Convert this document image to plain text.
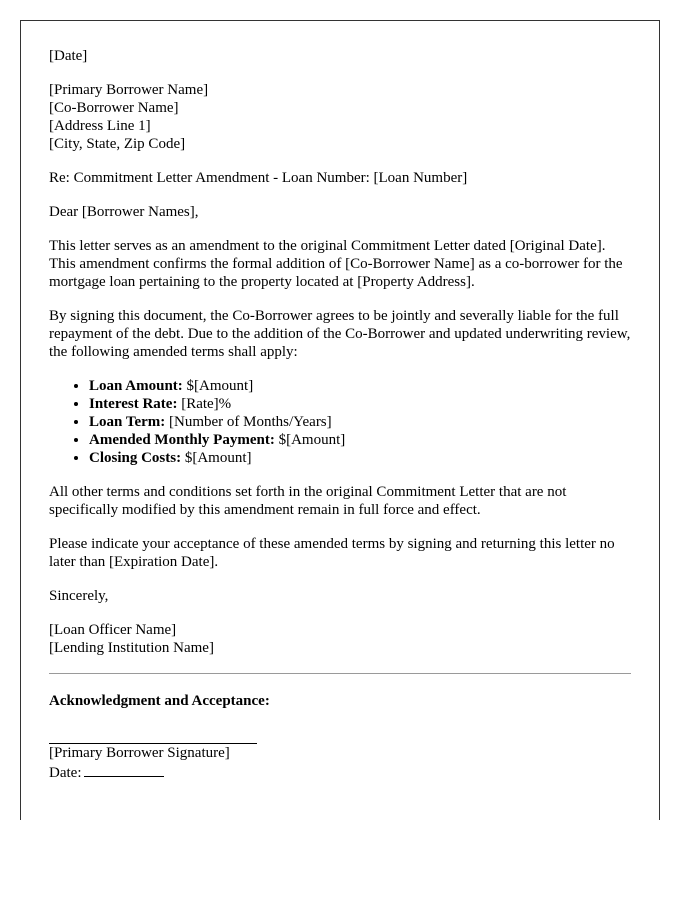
[Date]

[Primary Borrower Name]
[Co-Borrower Name]
[Address Line 1]
[City, State, Zip Code]

Re: Commitment Letter Amendment - Loan Number: [Loan Number]

Dear [Borrower Names],

This letter serves as an amendment to the original Commitment Letter dated [Original Date]. This amendment confirms the formal addition of [Co-Borrower Name] as a co-borrower for the mortgage loan pertaining to the property located at [Property Address].

By signing this document, the Co-Borrower agrees to be jointly and severally liable for the full repayment of the debt. Due to the addition of the Co-Borrower and updated underwriting review, the following amended terms shall apply:

• Loan Amount: $[Amount]
• Interest Rate: [Rate]%
• Loan Term: [Number of Months/Years]
• Amended Monthly Payment: $[Amount]
• Closing Costs: $[Amount]

All other terms and conditions set forth in the original Commitment Letter that are not specifically modified by this amendment remain in full force and effect.

Please indicate your acceptance of these amended terms by signing and returning this letter no later than [Expiration Date].

Sincerely,

[Loan Officer Name]
[Lending Institution Name]

Acknowledgment and Acceptance:

[Primary Borrower Signature]
Date:
